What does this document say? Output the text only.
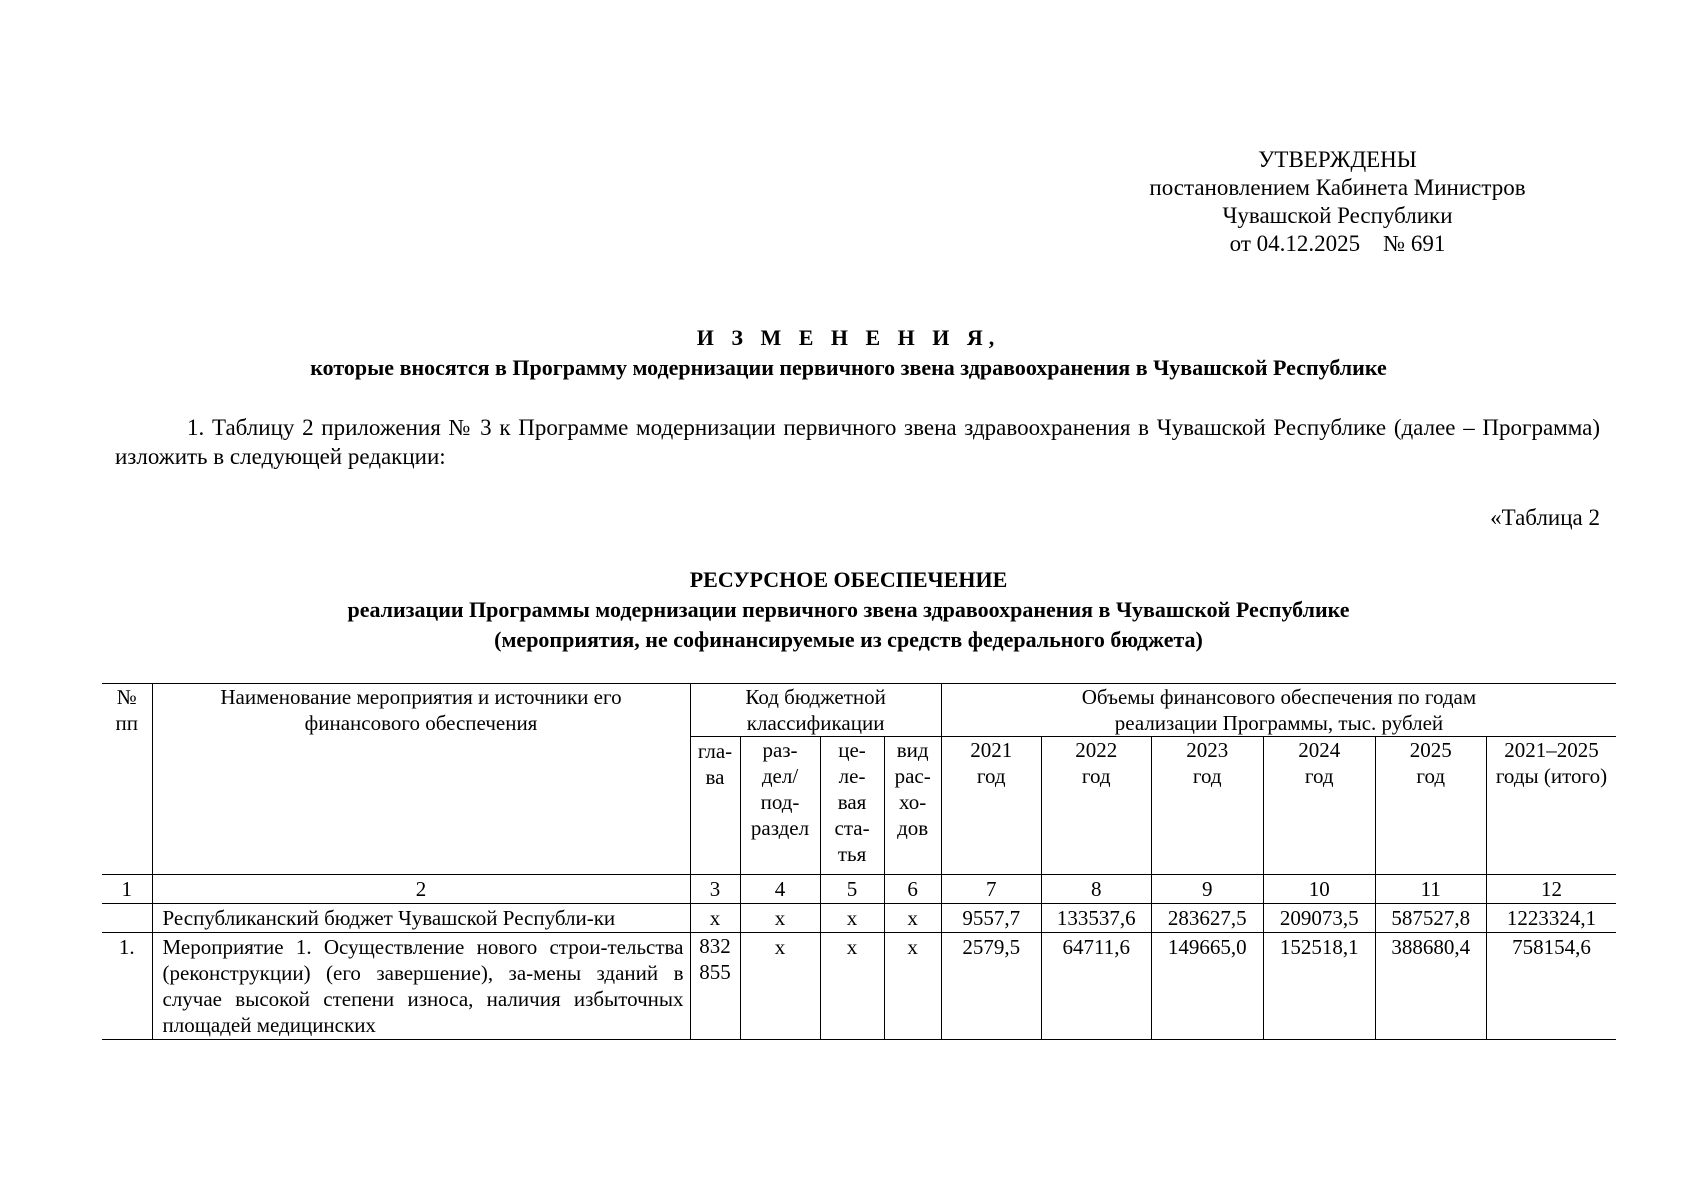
УТВЕРЖДЕНЫ
постановлением Кабинета Министров
Чувашской Республики
от 04.12.2025    № 691
И З М Е Н Е Н И Я,
которые вносятся в Программу модернизации первичного звена здравоохранения в Чувашской Республике
1. Таблицу 2 приложения № 3 к Программе модернизации первичного звена здравоохранения в Чувашской Республике (далее – Программа) изложить в следующей редакции:
«Таблица 2
РЕСУРСНОЕ ОБЕСПЕЧЕНИЕ
реализации Программы модернизации первичного звена здравоохранения в Чувашской Республике
(мероприятия, не софинансируемые из средств федерального бюджета)
№ пп	Наименование мероприятия и источники его финансового обеспечения	Код бюджетной классификации				Объемы финансового обеспечения по годам реализации Программы, тыс. рублей					
		гла-ва	раз-дел/ под-раздел	це-ле-вая ста-тья	вид рас-хо-дов	2021 год	2022 год	2023 год	2024 год	2025 год	2021–2025 годы (итого)
1	2	3	4	5	6	7	8	9	10	11	12
	Республиканский бюджет Чувашской Республи-ки	x	x	x	x	9557,7	133537,6	283627,5	209073,5	587527,8	1223324,1
1.	Мероприятие 1. Осуществление нового строи-тельства (реконструкции) (его завершение), за-мены зданий в случае высокой степени износа, наличия избыточных площадей медицинских	832 855	x	x	x	2579,5	64711,6	149665,0	152518,1	388680,4	758154,6
